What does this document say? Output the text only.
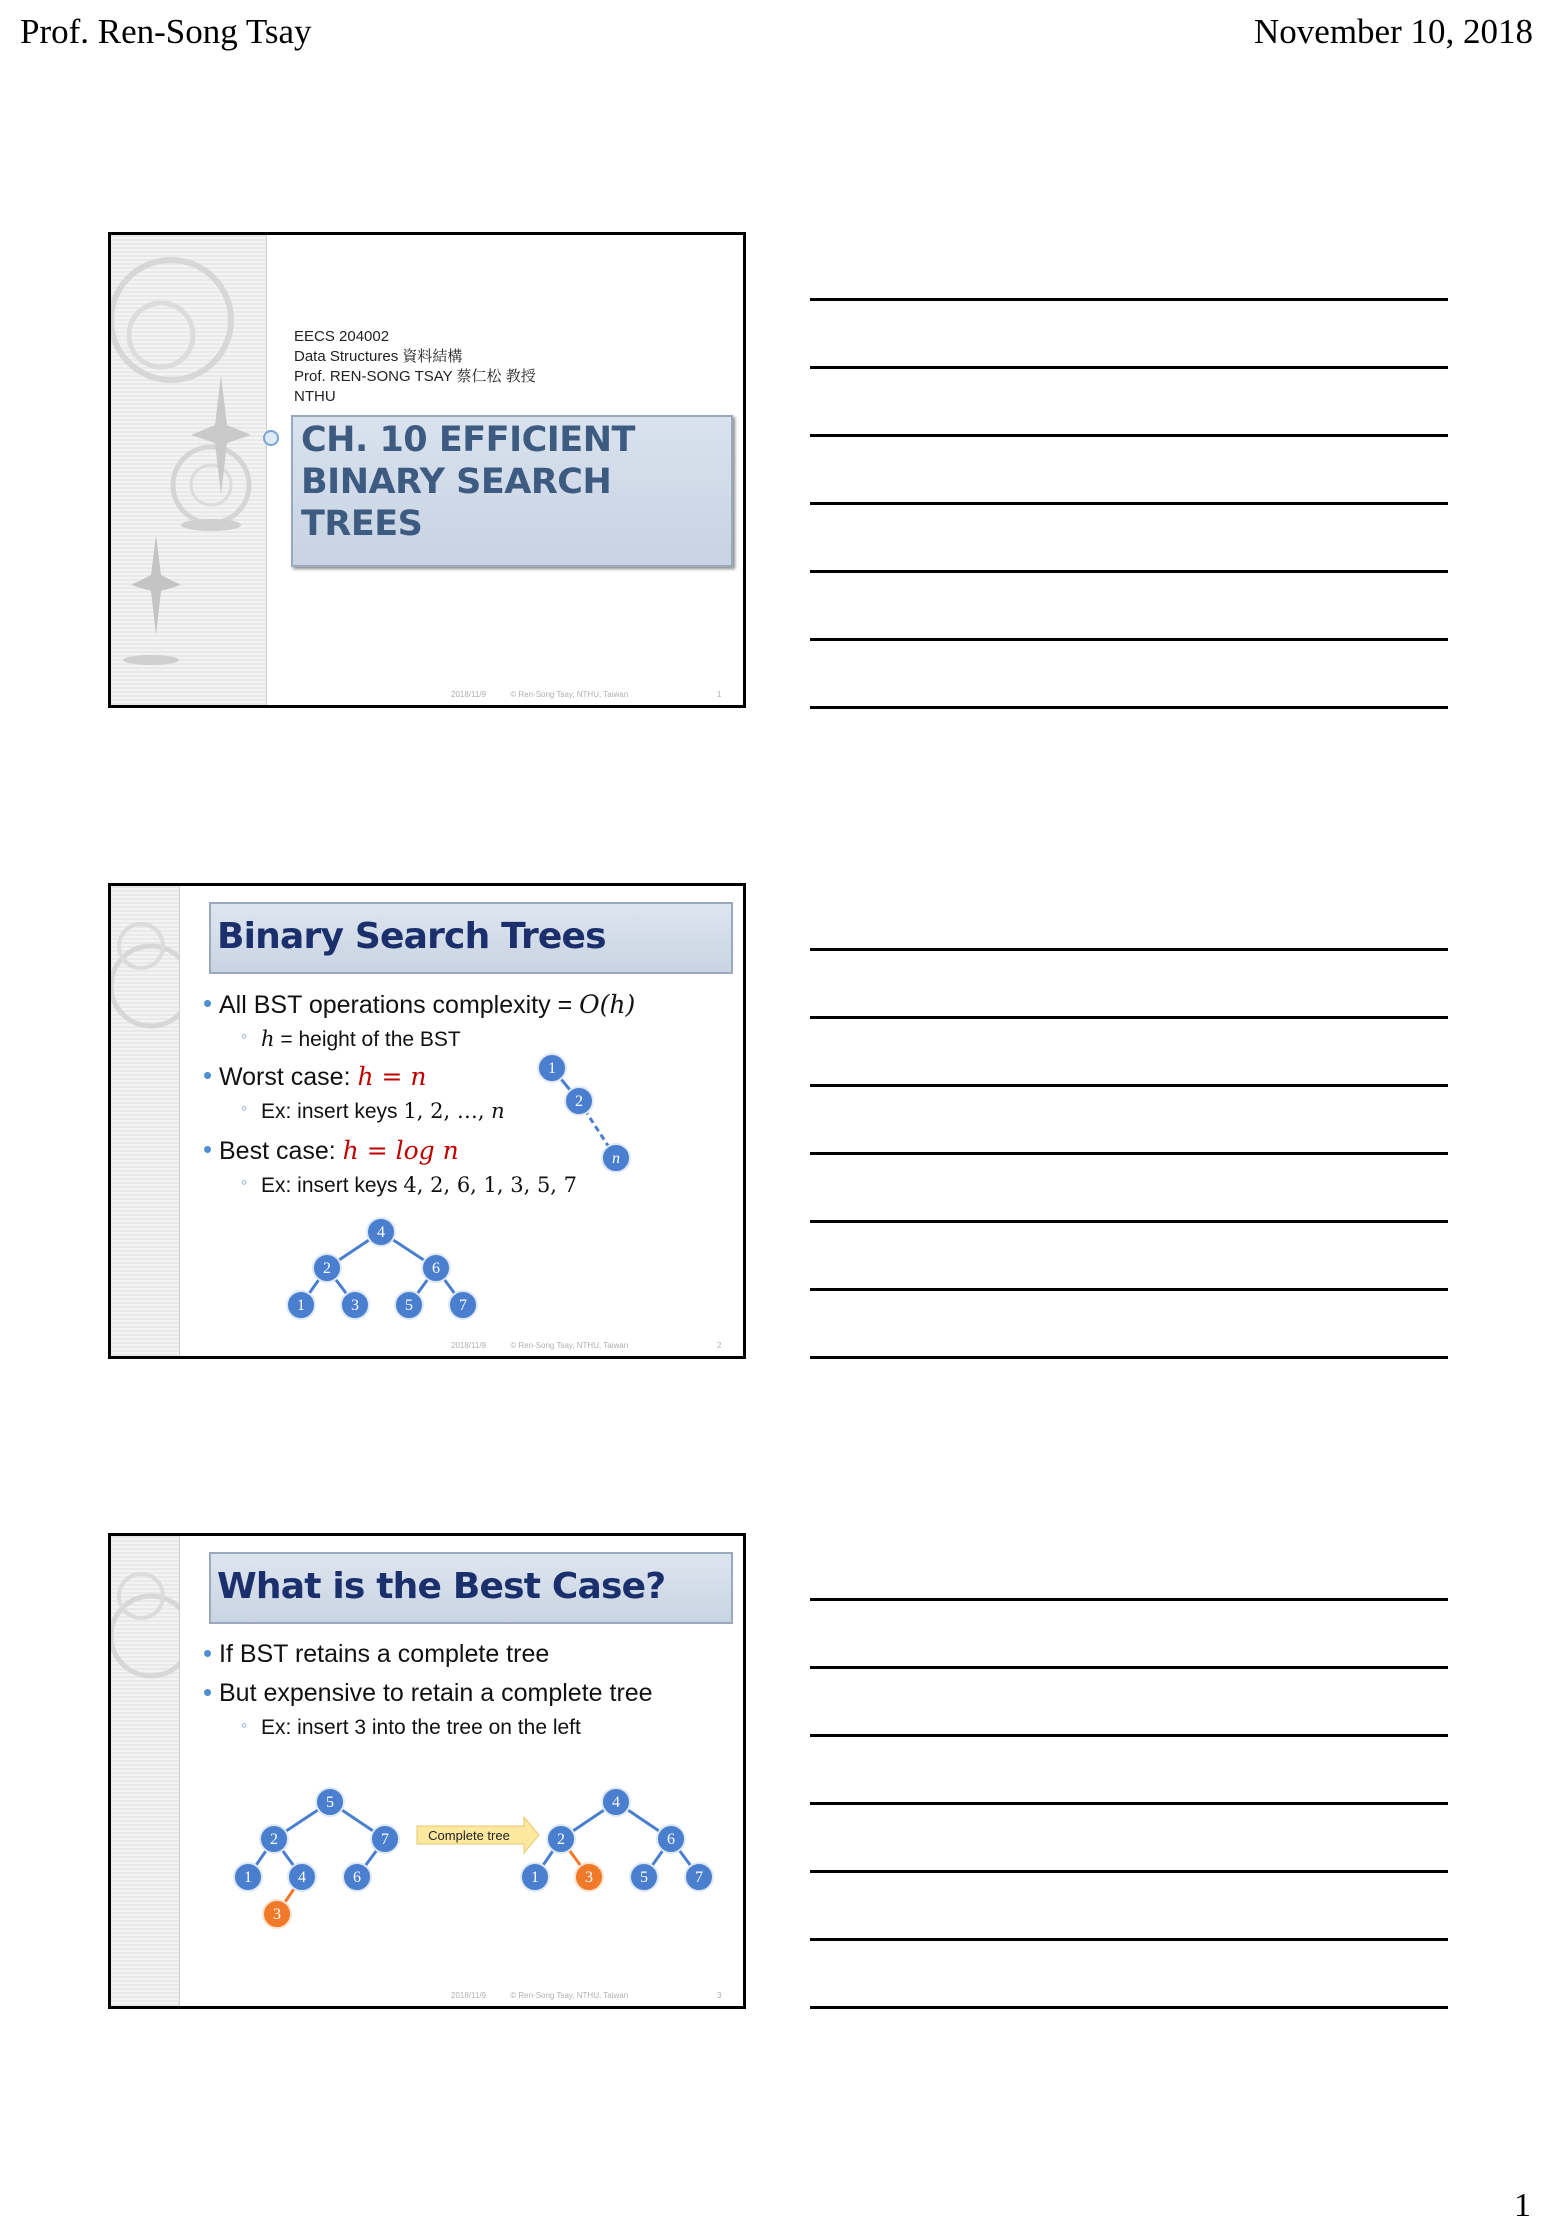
Prof. Ren-Song Tsay	November 10, 2018
EECS 204002
Data Structures 資料結構
Prof. REN-SONG TSAY 蔡仁松 教授
NTHU
CH. 10 EFFICIENT
BINARY SEARCH TREES
2018/11/9	© Ren-Song Tsay, NTHU, Taiwan	1
Binary Search Trees
• All BST operations complexity = O(h)
◦ h = height of the BST
• Worst case: h = n
◦ Ex: insert keys 1, 2, …, n
• Best case: h = log n
◦ Ex: insert keys 4, 2, 6, 1, 3, 5, 7
1
2
n
4
2	6
1	3	5	7
2018/11/9	© Ren-Song Tsay, NTHU, Taiwan	2
What is the Best Case?
• If BST retains a complete tree
• But expensive to retain a complete tree
◦ Ex: insert 3 into the tree on the left
5
2	7
1	4	6
3
Complete tree
4
2	6
1	3	5	7
2018/11/9	© Ren-Song Tsay, NTHU, Taiwan	3
1
